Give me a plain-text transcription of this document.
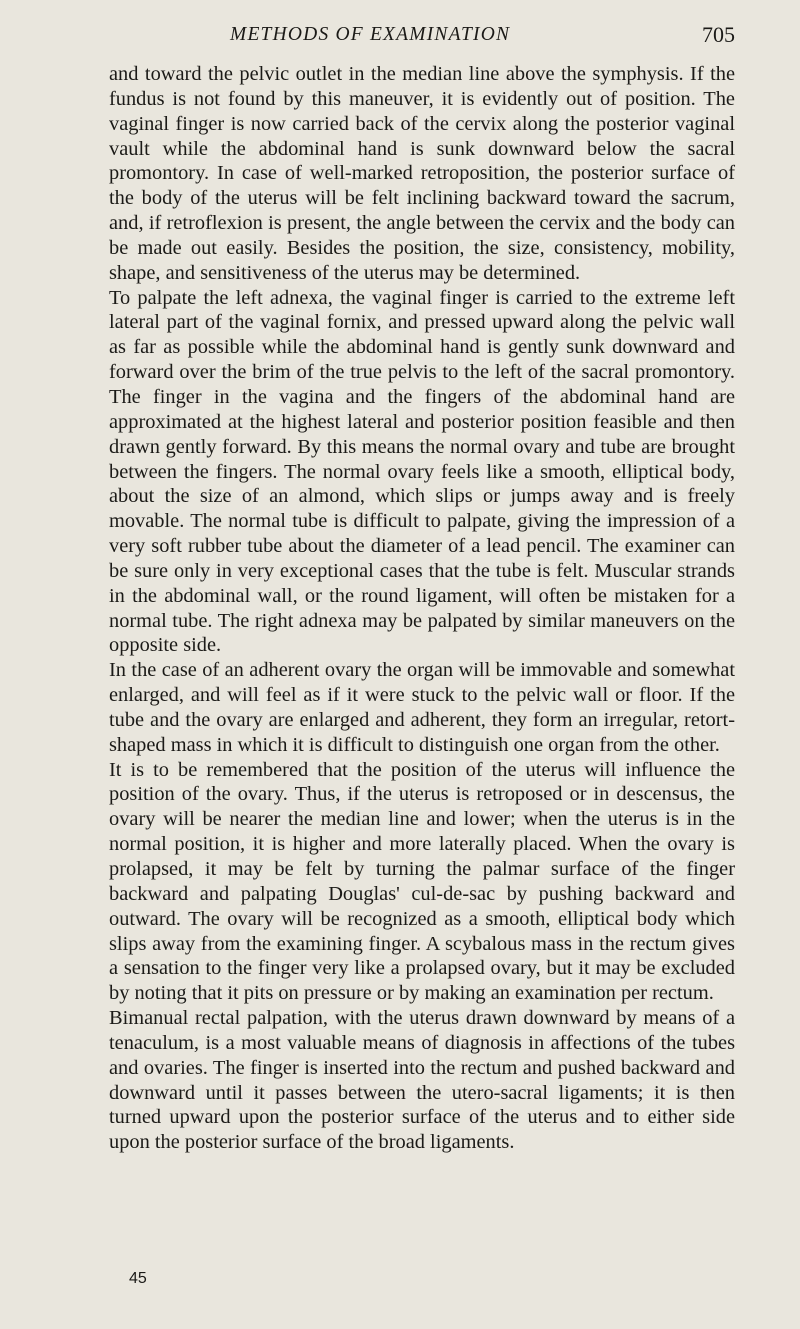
METHODS OF EXAMINATION	705

and toward the pelvic outlet in the median line above the symphysis. If the fundus is not found by this maneuver, it is evidently out of position. The vaginal finger is now carried back of the cervix along the posterior vaginal vault while the abdominal hand is sunk downward below the sacral promontory. In case of well-marked retroposition, the posterior surface of the body of the uterus will be felt inclining backward toward the sacrum, and, if retroflexion is present, the angle between the cervix and the body can be made out easily. Besides the position, the size, consistency, mobility, shape, and sensitiveness of the uterus may be determined.

To palpate the left adnexa, the vaginal finger is carried to the extreme left lateral part of the vaginal fornix, and pressed upward along the pelvic wall as far as possible while the abdominal hand is gently sunk downward and forward over the brim of the true pelvis to the left of the sacral promontory. The finger in the vagina and the fingers of the abdominal hand are approximated at the highest lateral and posterior position feasible and then drawn gently forward. By this means the normal ovary and tube are brought between the fingers. The normal ovary feels like a smooth, elliptical body, about the size of an almond, which slips or jumps away and is freely movable. The normal tube is difficult to palpate, giving the impression of a very soft rubber tube about the diameter of a lead pencil. The examiner can be sure only in very exceptional cases that the tube is felt. Muscular strands in the abdominal wall, or the round ligament, will often be mistaken for a normal tube. The right adnexa may be palpated by similar maneuvers on the opposite side.

In the case of an adherent ovary the organ will be immovable and somewhat enlarged, and will feel as if it were stuck to the pelvic wall or floor. If the tube and the ovary are enlarged and adherent, they form an irregular, retort-shaped mass in which it is difficult to distinguish one organ from the other.

It is to be remembered that the position of the uterus will influence the position of the ovary. Thus, if the uterus is retroposed or in descensus, the ovary will be nearer the median line and lower; when the uterus is in the normal position, it is higher and more laterally placed. When the ovary is prolapsed, it may be felt by turning the palmar surface of the finger backward and palpating Douglas' cul-de-sac by pushing backward and outward. The ovary will be recognized as a smooth, elliptical body which slips away from the examining finger. A scybalous mass in the rectum gives a sensation to the finger very like a prolapsed ovary, but it may be excluded by noting that it pits on pressure or by making an examination per rectum.

Bimanual rectal palpation, with the uterus drawn downward by means of a tenaculum, is a most valuable means of diagnosis in affections of the tubes and ovaries. The finger is inserted into the rectum and pushed backward and downward until it passes between the utero-sacral ligaments; it is then turned upward upon the posterior surface of the uterus and to either side upon the posterior surface of the broad ligaments.

45
